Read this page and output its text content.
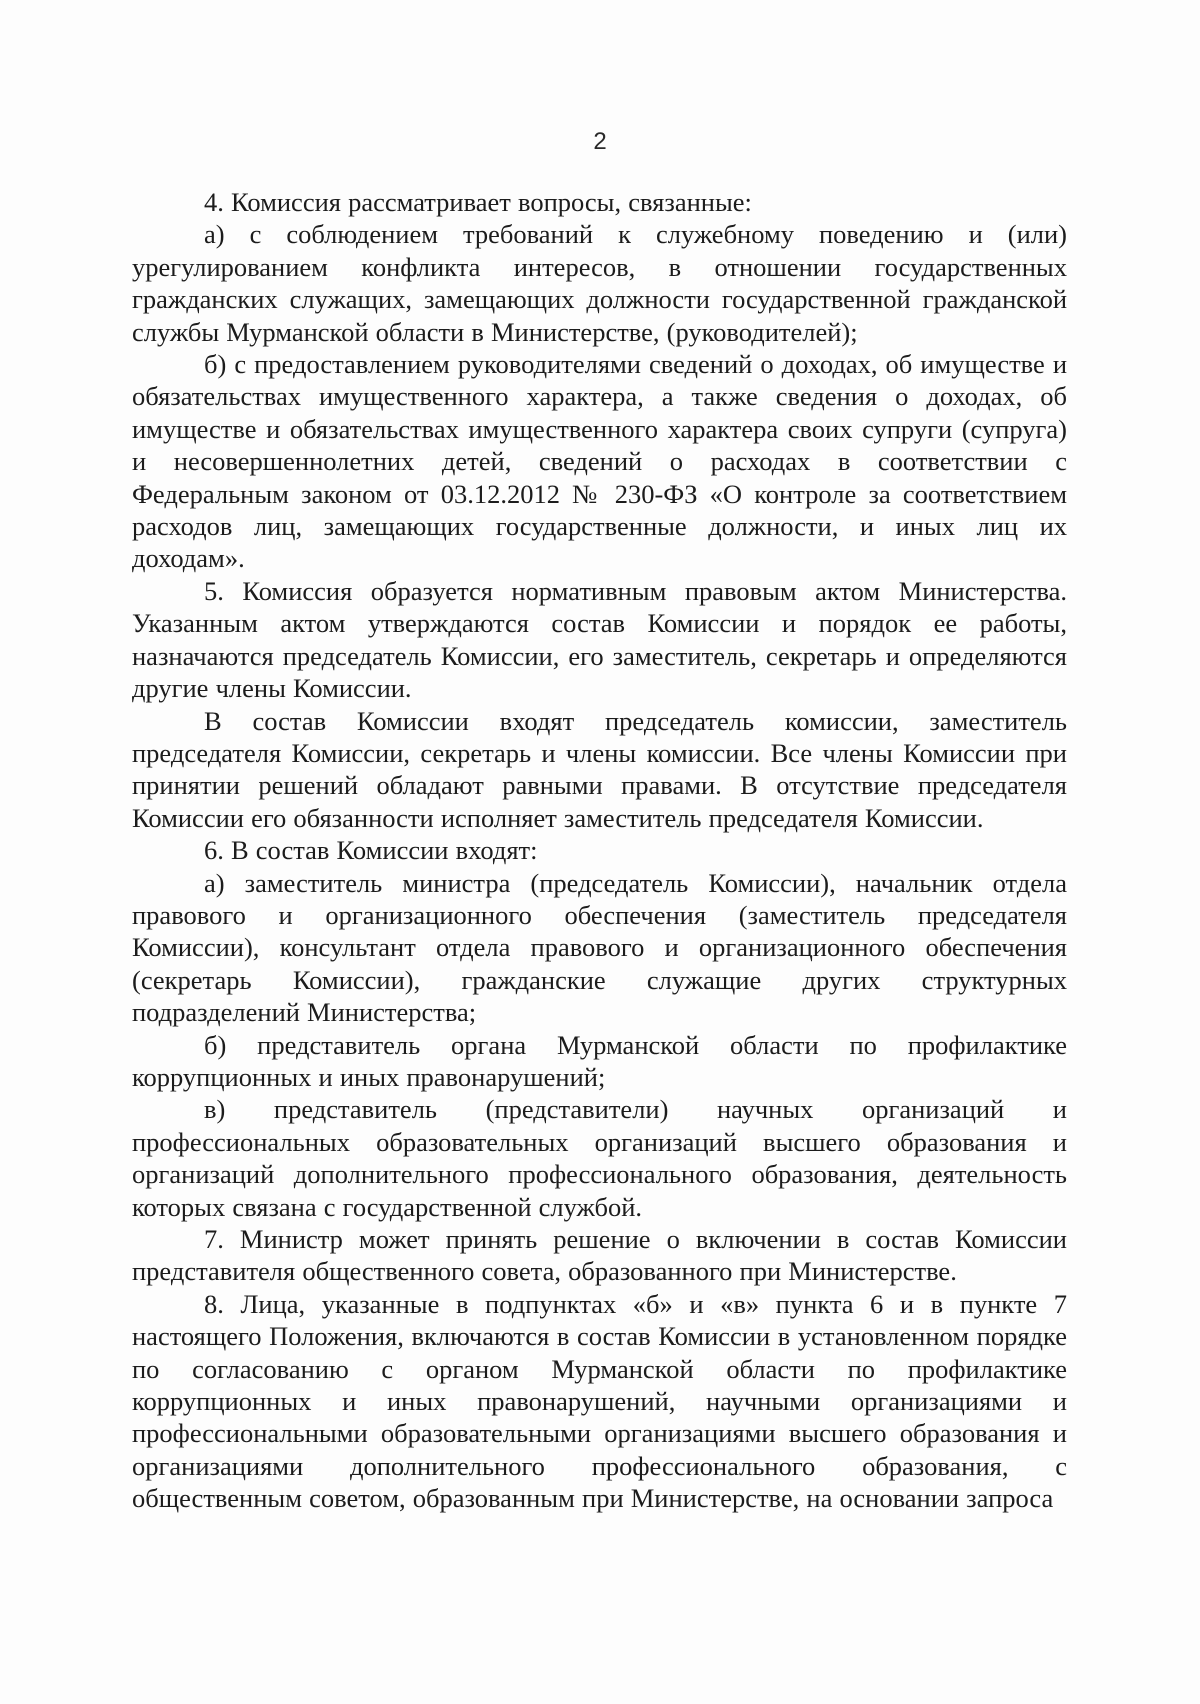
2

4. Комиссия рассматривает вопросы, связанные:

а) с соблюдением требований к служебному поведению и (или) урегулированием конфликта интересов, в отношении государственных гражданских служащих, замещающих должности государственной гражданской службы Мурманской области в Министерстве, (руководителей);

б) с предоставлением руководителями сведений о доходах, об имуществе и обязательствах имущественного характера, а также сведения о доходах, об имуществе и обязательствах имущественного характера своих супруги (супруга) и несовершеннолетних детей, сведений о расходах в соответствии с Федеральным законом от 03.12.2012 № 230-ФЗ «О контроле за соответствием расходов лиц, замещающих государственные должности, и иных лиц их доходам».

5. Комиссия образуется нормативным правовым актом Министерства. Указанным актом утверждаются состав Комиссии и порядок ее работы, назначаются председатель Комиссии, его заместитель, секретарь и определяются другие члены Комиссии.

В состав Комиссии входят председатель комиссии, заместитель председателя Комиссии, секретарь и члены комиссии. Все члены Комиссии при принятии решений обладают равными правами. В отсутствие председателя Комиссии его обязанности исполняет заместитель председателя Комиссии.

6. В состав Комиссии входят:

а) заместитель министра (председатель Комиссии), начальник отдела правового и организационного обеспечения (заместитель председателя Комиссии), консультант отдела правового и организационного обеспечения (секретарь Комиссии), гражданские служащие других структурных подразделений Министерства;

б) представитель органа Мурманской области по профилактике коррупционных и иных правонарушений;

в) представитель (представители) научных организаций и профессиональных образовательных организаций высшего образования и организаций дополнительного профессионального образования, деятельность которых связана с государственной службой.

7. Министр может принять решение о включении в состав Комиссии представителя общественного совета, образованного при Министерстве.

8. Лица, указанные в подпунктах «б» и «в» пункта 6 и в пункте 7 настоящего Положения, включаются в состав Комиссии в установленном порядке по согласованию с органом Мурманской области по профилактике коррупционных и иных правонарушений, научными организациями и профессиональными образовательными организациями высшего образования и организациями дополнительного профессионального образования, с общественным советом, образованным при Министерстве, на основании запроса
